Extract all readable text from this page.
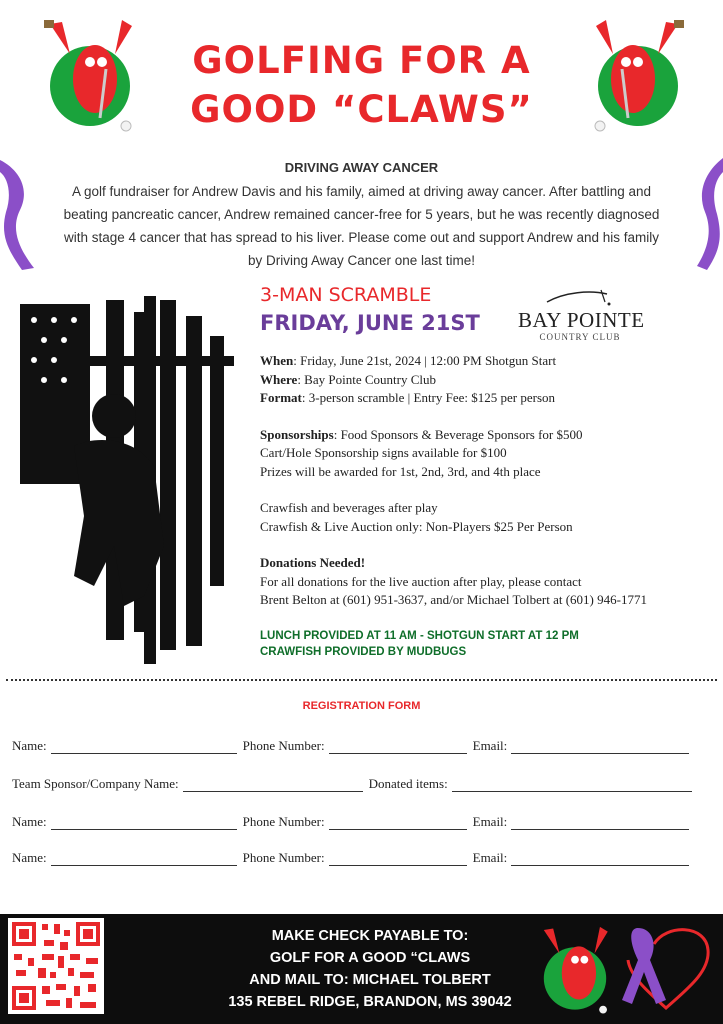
GOLFING FOR A
GOOD “CLAWS”
DRIVING AWAY CANCER
A golf fundraiser for Andrew Davis and his family, aimed at driving away cancer. After battling and beating pancreatic cancer, Andrew remained cancer-free for 5 years, but he was recently diagnosed with stage 4 cancer that has spread to his liver. Please come out and support Andrew and his family by Driving Away Cancer one last time!
3-MAN SCRAMBLE
FRIDAY, JUNE 21ST BAY POINTE
COUNTRY CLUB
When: Friday, June 21st, 2024 | 12:00 PM Shotgun Start
Where: Bay Pointe Country Club
Format: 3-person scramble | Entry Fee: $125 per person
Sponsorships: Food Sponsors & Beverage Sponsors for $500
Cart/Hole Sponsorship signs available for $100
Prizes will be awarded for 1st, 2nd, 3rd, and 4th place
Crawfish and beverages after play
Crawfish & Live Auction only: Non-Players $25 Per Person
Donations Needed!
For all donations for the live auction after play, please contact
Brent Belton at (601) 951-3637, and/or Michael Tolbert at (601) 946-1771
LUNCH PROVIDED AT 11 AM - SHOTGUN START AT 12 PM
CRAWFISH PROVIDED BY MUDBUGS
REGISTRATION FORM
Name:	Phone Number:	Email:
Team Sponsor/Company Name:	Donated items:
Name:	Phone Number:	Email:
Name:	Phone Number:	Email:
MAKE CHECK PAYABLE TO:
GOLF FOR A GOOD “CLAWS
AND MAIL TO: MICHAEL TOLBERT
135 REBEL RIDGE, BRANDON, MS 39042
